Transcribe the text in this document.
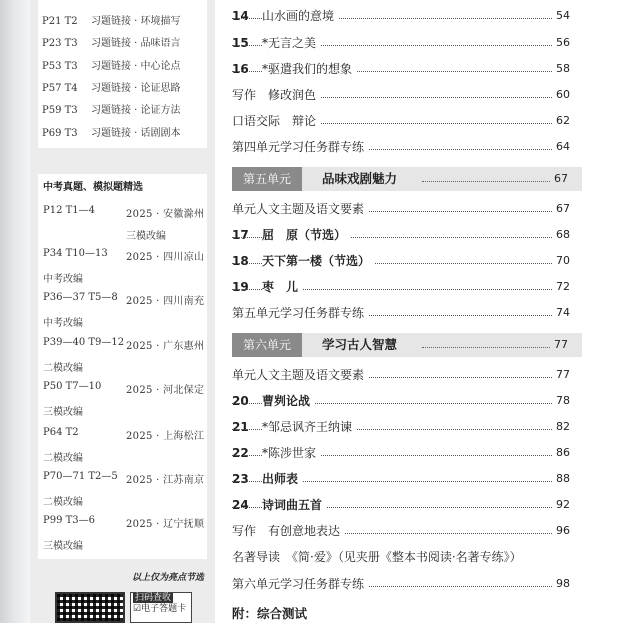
P21 T2 习题链接 · 环境描写
P23 T3 习题链接 · 品味语言
P53 T3 习题链接 · 中心论点
P57 T4 习题链接 · 论证思路
P59 T3 习题链接 · 论证方法
P69 T3 习题链接 · 话剧剧本
中考真题、模拟题精选
P12 T1—4	2025 · 安徽滁州
三模改编
P34 T10—13 2025 · 四川凉山
中考改编
P36—37 T5—8 2025 · 四川南充
中考改编
P39—40 T9—12 2025 · 广东惠州
二模改编
P50 T7—10 2025 · 河北保定
三模改编
P64 T2	2025 · 上海松江
二模改编
P70—71 T2—5 2025 · 江苏南京
二模改编
P99 T3—6	2025 · 辽宁抚顺
三模改编
以上仅为亮点节选
扫码查收
☑电子答题卡
14 山水画的意境	54
15 *无言之美	56
16 *驱遣我们的想象	58
写作　修改润色	60
口语交际　辩论	62
第四单元学习任务群专练	64
第五单元	品味戏剧魅力	67
单元人文主题及语文要素	67
17 屈　原（节选）	68
18 天下第一楼（节选）	70
19 枣　儿	72
第五单元学习任务群专练	74
第六单元	学习古人智慧	77
单元人文主题及语文要素	77
20 曹刿论战	78
21 *邹忌讽齐王纳谏	82
22 *陈涉世家	86
23 出师表	88
24 诗词曲五首	92
写作　有创意地表达	96
名著导读　《简·爱》（见夹册《整本书阅读·名著专练》）
第六单元学习任务群专练	98
附：综合测试
